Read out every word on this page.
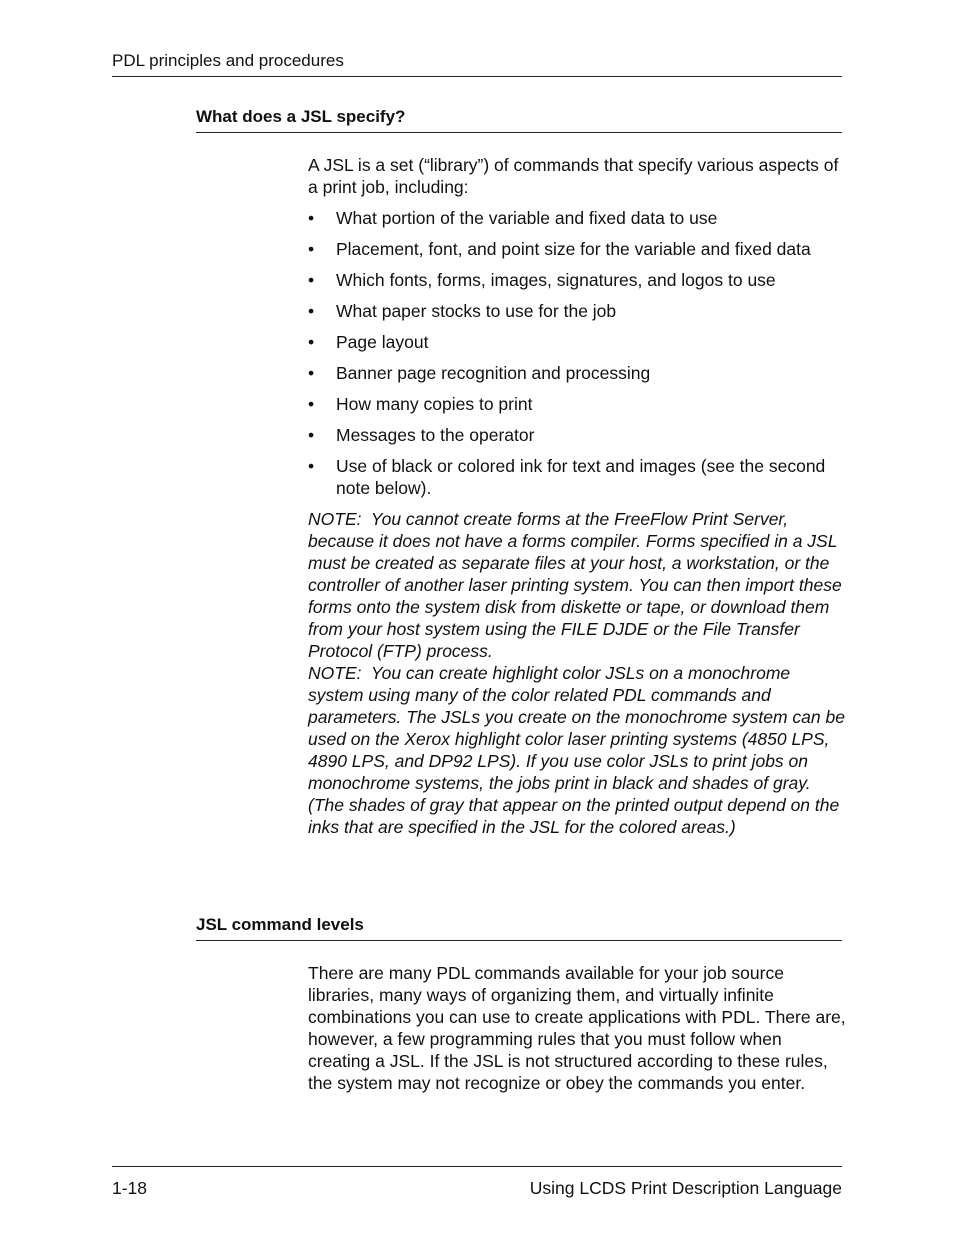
PDL principles and procedures
What does a JSL specify?

A JSL is a set (“library”) of commands that specify various aspects of a print job, including:

• What portion of the variable and fixed data to use
• Placement, font, and point size for the variable and fixed data
• Which fonts, forms, images, signatures, and logos to use
• What paper stocks to use for the job
• Page layout
• Banner page recognition and processing
• How many copies to print
• Messages to the operator
• Use of black or colored ink for text and images (see the second note below).

NOTE:  You cannot create forms at the FreeFlow Print Server, because it does not have a forms compiler. Forms specified in a JSL must be created as separate files at your host, a workstation, or the controller of another laser printing system. You can then import these forms onto the system disk from diskette or tape, or download them from your host system using the FILE DJDE or the File Transfer Protocol (FTP) process.

NOTE:  You can create highlight color JSLs on a monochrome system using many of the color related PDL commands and parameters. The JSLs you create on the monochrome system can be used on the Xerox highlight color laser printing systems (4850 LPS, 4890 LPS, and DP92 LPS). If you use color JSLs to print jobs on monochrome systems, the jobs print in black and shades of gray. (The shades of gray that appear on the printed output depend on the inks that are specified in the JSL for the colored areas.)

JSL command levels

There are many PDL commands available for your job source libraries, many ways of organizing them, and virtually infinite combinations you can use to create applications with PDL. There are, however, a few programming rules that you must follow when creating a JSL. If the JSL is not structured according to these rules, the system may not recognize or obey the commands you enter.

1-18	Using LCDS Print Description Language
